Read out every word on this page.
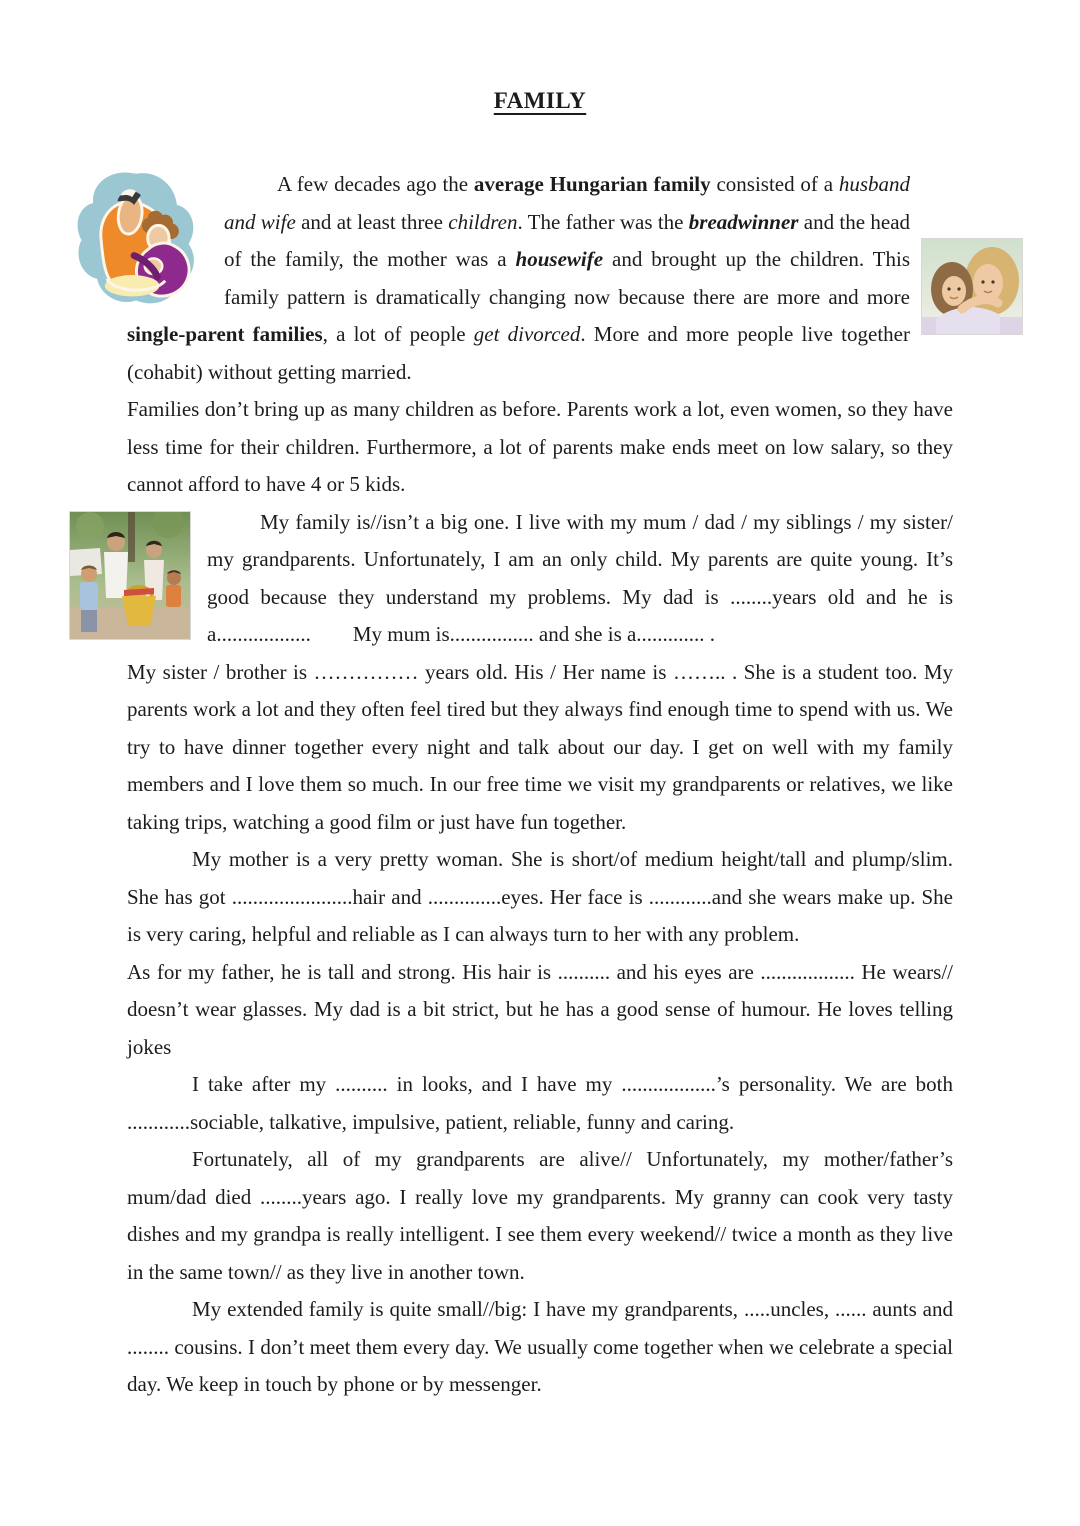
FAMILY

A few decades ago the average Hungarian family consisted of a husband and wife and at least three children. The father was the breadwinner and the head of the family, the mother was a housewife and brought up the children. This family pattern is dramatically changing now because there are more and more single-parent families, a lot of people get divorced. More and more people live together (cohabit) without getting married.

Families don’t bring up as many children as before. Parents work a lot, even women, so they have less time for their children. Furthermore, a lot of parents make ends meet on low salary, so they cannot afford to have 4 or 5 kids.

My family is//isn’t a big one. I live with my mum / dad / my siblings / my sister/ my grandparents. Unfortunately, I am an only child. My parents are quite young. It’s good because they understand my problems. My dad is ........years old and he is a..................        My mum is................ and she is a............. .

My sister / brother is …………… years old. His / Her name is …….. . She is a student too. My parents work a lot and they often feel tired but they always find enough time to spend with us. We try to have dinner together every night and talk about our day. I get on well with my family members and I love them so much. In our free time we visit my grandparents or relatives, we like taking trips, watching a good film or just have fun together.

My mother is a very pretty woman. She is short/of medium height/tall and plump/slim. She has got .......................hair and ..............eyes. Her face is ............and she wears make up. She is very caring, helpful and reliable as I can always turn to her with any problem.

As for my father, he is tall and strong. His hair is .......... and his eyes are .................. He wears// doesn’t wear glasses. My dad is a bit strict, but he has a good sense of humour. He loves telling jokes

I take after my .......... in looks, and I have my ..................’s personality. We are both ............sociable, talkative, impulsive, patient, reliable, funny and caring.

Fortunately, all of my grandparents are alive// Unfortunately, my mother/father’s mum/dad died ........years ago. I really love my grandparents. My granny can cook very tasty dishes and my grandpa is really intelligent. I see them every weekend// twice a month as they live in the same town// as they live in another town.

My extended family is quite small//big: I have my grandparents, .....uncles, ...... aunts and ........ cousins. I don’t meet them every day. We usually come together when we celebrate a special day. We keep in touch by phone or by messenger.
